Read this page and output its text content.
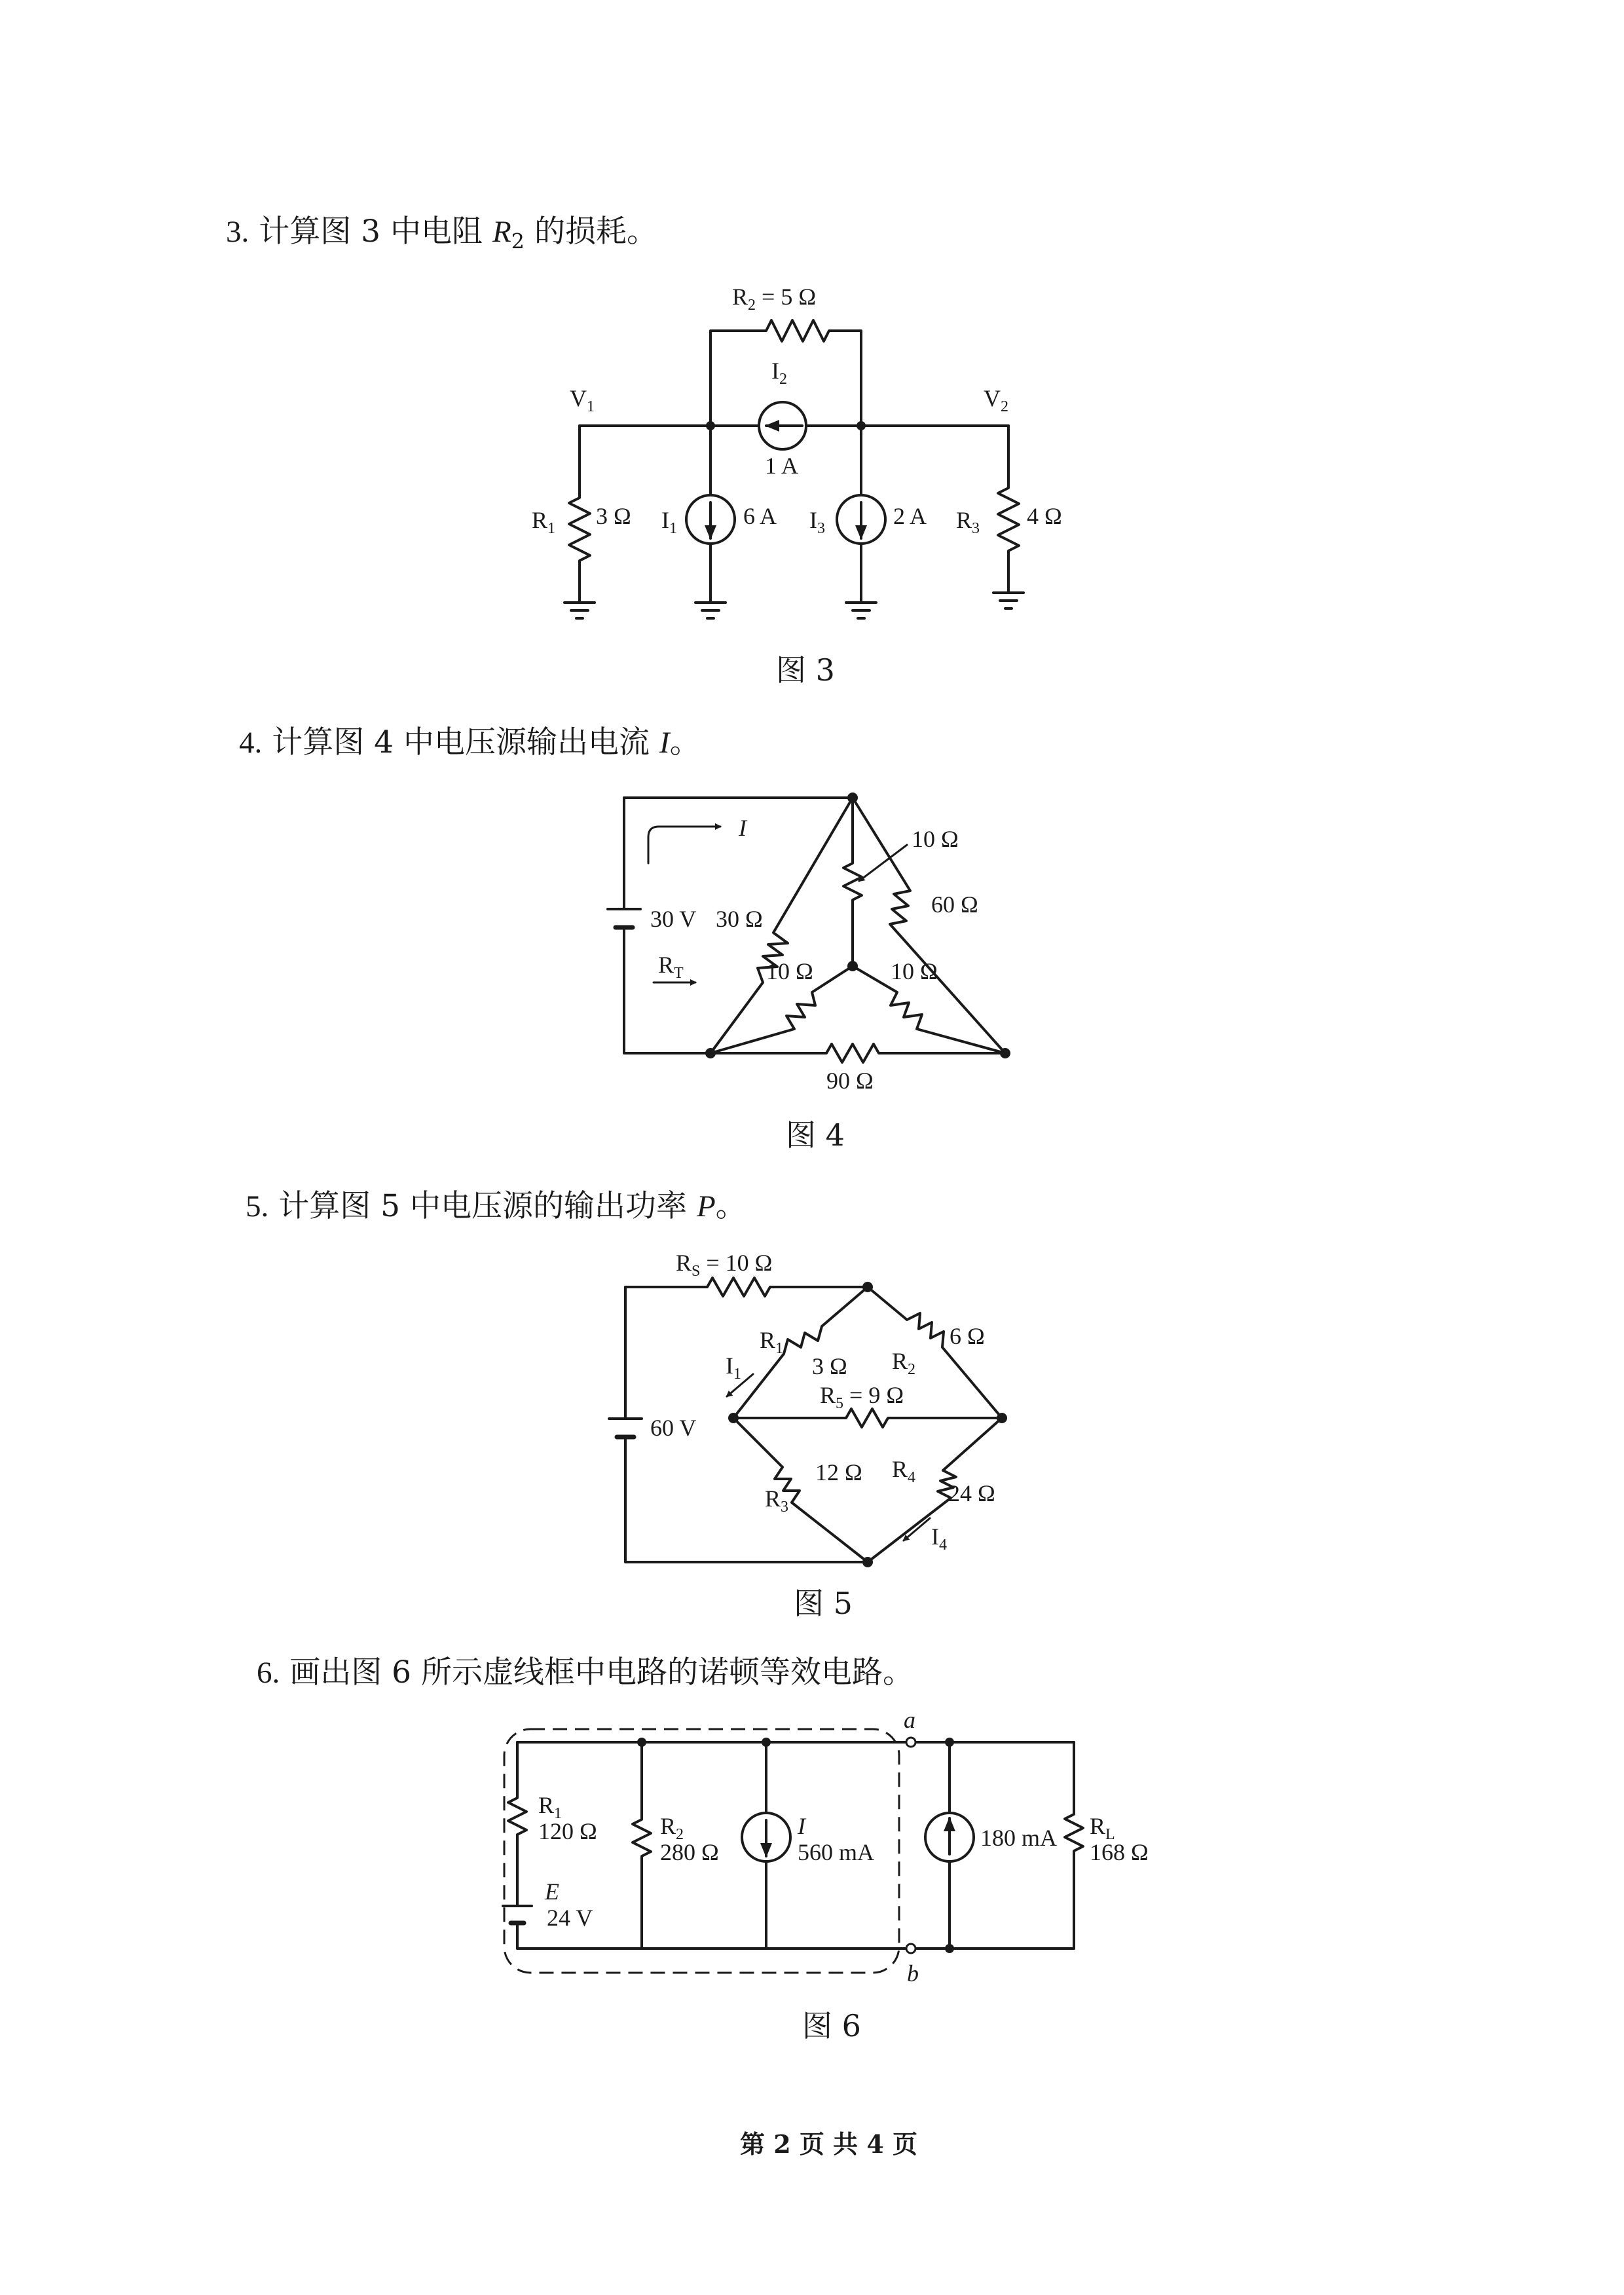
3. 计算图 3 中电阻 $R_2$ 的损耗。
4. 计算图 4 中电压源输出电流 I。
5. 计算图 5 中电压源的输出功率 P。
6. 画出图 6 所示虚线框中电路的诺顿等效电路。
图 3
图 4
图 5
图 6
第 2 页 共 4 页
$R_2 = 5$ Ω
$I_2$
1 A
$V_1$	$V_2$
$R_1$ 3 Ω $I_1$	6 A $I_3$	2 A $R_3$ 4 Ω
I
30 V 30 Ω
10 Ω
60 Ω
10 Ω	10 Ω
90 Ω
$R_T$
$R_S = 10$ Ω
60 V
$R_1$
3 Ω
$I_1$
6 Ω
$R_2$
$R_5 = 9$ Ω
12 Ω
$R_3$
$R_4$
24 Ω
$I_4$
a
b
$R_1$
120 Ω
E
24 V
$R_2$
280 Ω
I
560 mA
180 mA $R_L$
168 Ω
